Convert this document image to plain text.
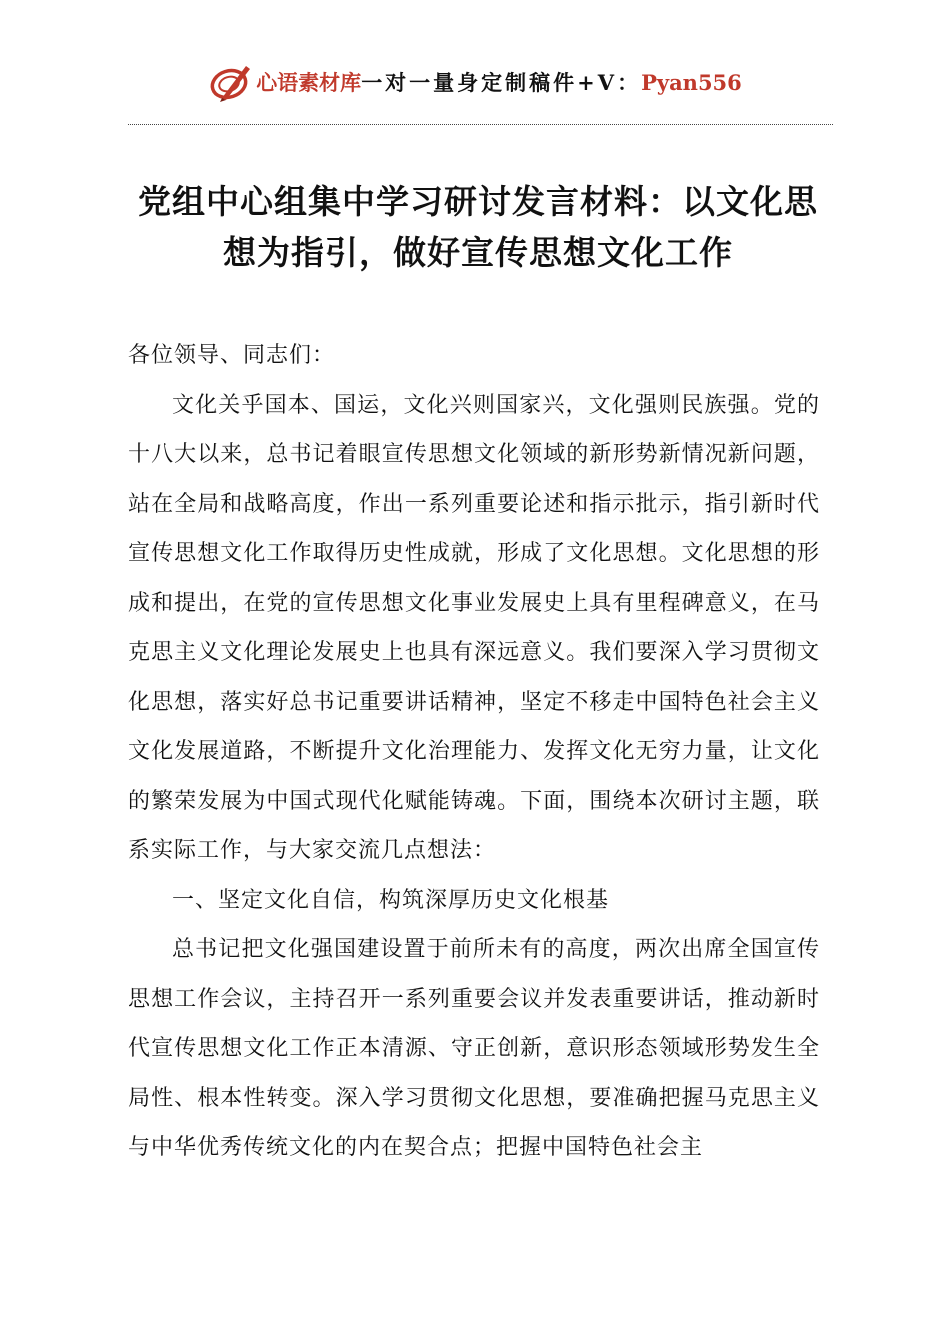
心语素材库 一对一量身定制稿件+V： Pyan556
党组中心组集中学习研讨发言材料：以文化思想为指引，做好宣传思想文化工作

各位领导、同志们：

文化关乎国本、国运，文化兴则国家兴，文化强则民族强。党的十八大以来，总书记着眼宣传思想文化领域的新形势新情况新问题，站在全局和战略高度，作出一系列重要论述和指示批示，指引新时代宣传思想文化工作取得历史性成就，形成了文化思想。文化思想的形成和提出，在党的宣传思想文化事业发展史上具有里程碑意义，在马克思主义文化理论发展史上也具有深远意义。我们要深入学习贯彻文化思想，落实好总书记重要讲话精神，坚定不移走中国特色社会主义文化发展道路，不断提升文化治理能力、发挥文化无穷力量，让文化的繁荣发展为中国式现代化赋能铸魂。下面，围绕本次研讨主题，联系实际工作，与大家交流几点想法：

一、坚定文化自信，构筑深厚历史文化根基

总书记把文化强国建设置于前所未有的高度，两次出席全国宣传思想工作会议，主持召开一系列重要会议并发表重要讲话，推动新时代宣传思想文化工作正本清源、守正创新，意识形态领域形势发生全局性、根本性转变。深入学习贯彻文化思想，要准确把握马克思主义与中华优秀传统文化的内在契合点；把握中国特色社会主
